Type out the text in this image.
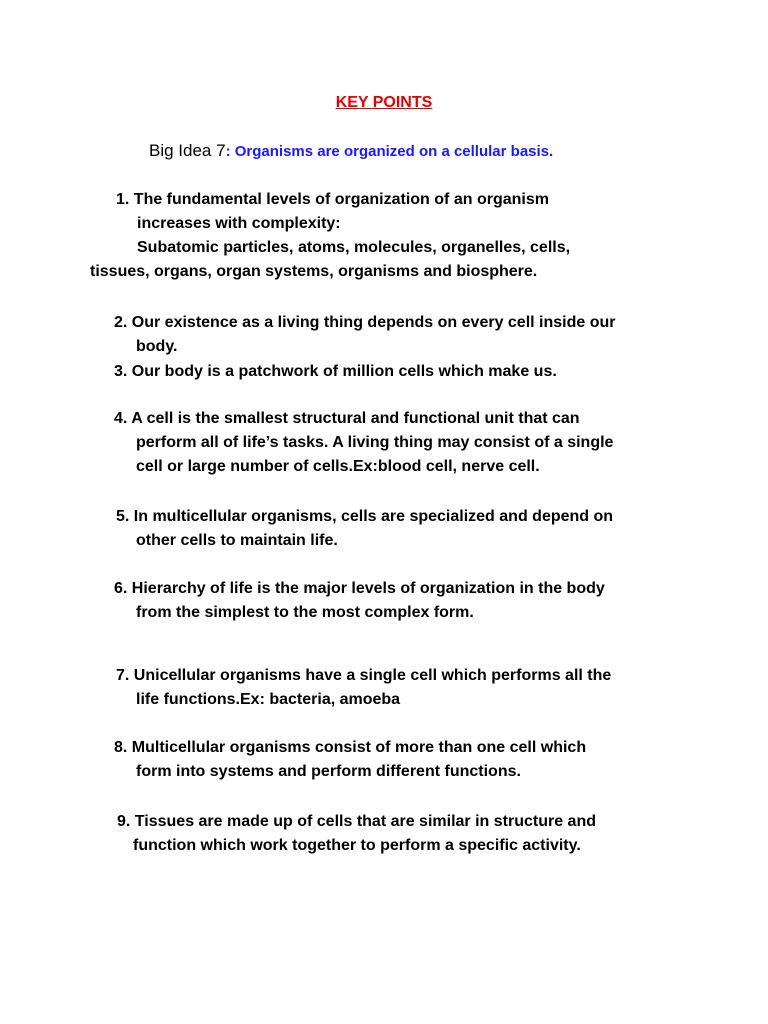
KEY POINTS
Big Idea 7: Organisms are organized on a cellular basis.
1. The fundamental levels of organization of an organism
increases with complexity:
Subatomic particles, atoms, molecules, organelles, cells,
tissues, organs, organ systems, organisms and biosphere.
2. Our existence as a living thing depends on every cell inside our
body.
3. Our body is a patchwork of million cells which make us.
4. A cell is the smallest structural and functional unit that can
perform all of life’s tasks. A living thing may consist of a single
cell or large number of cells.Ex:blood cell, nerve cell.
5. In multicellular organisms, cells are specialized and depend on
other cells to maintain life.
6. Hierarchy of life is the major levels of organization in the body
from the simplest to the most complex form.
7. Unicellular organisms have a single cell which performs all the
life functions.Ex: bacteria, amoeba
8. Multicellular organisms consist of more than one cell which
form into systems and perform different functions.
9. Tissues are made up of cells that are similar in structure and
function which work together to perform a specific activity.
